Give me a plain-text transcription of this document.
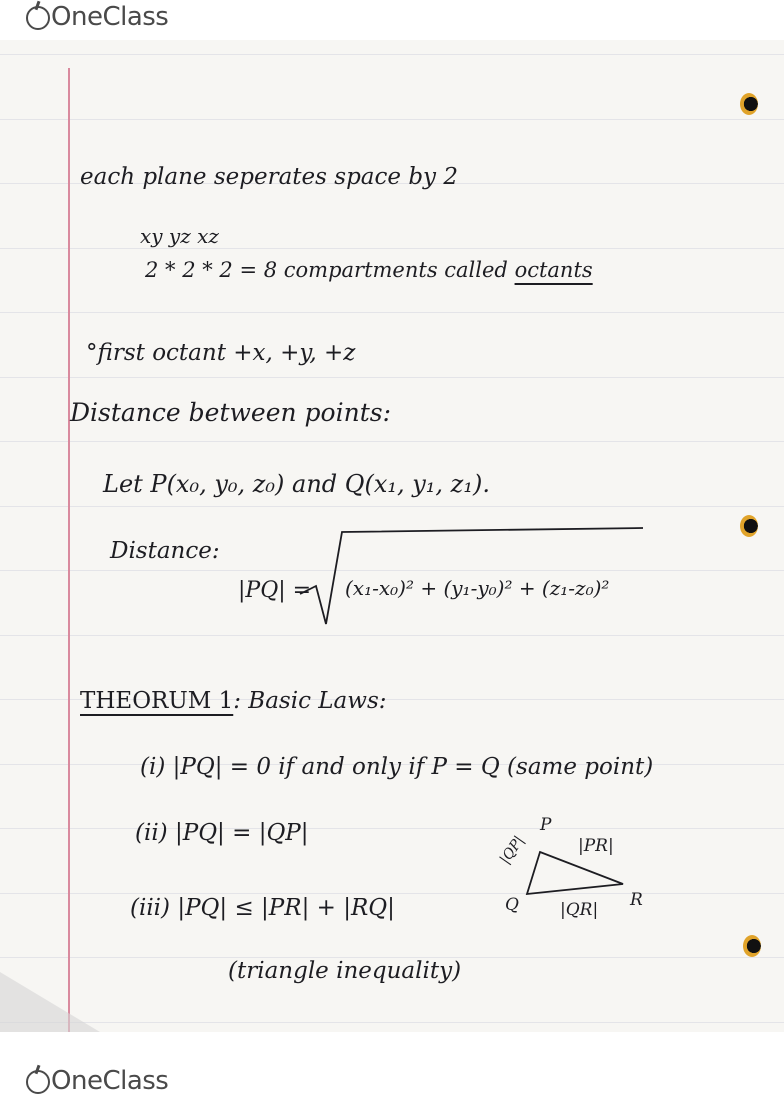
OneClass
each plane seperates space by 2
xy yz xz
2 * 2 * 2 = 8 compartments called octants
°first octant +x, +y, +z
Distance between points:
Let P(x₀, y₀, z₀) and Q(x₁, y₁, z₁).
Distance:
|PQ| = (x₁-x₀)² + (y₁-y₀)² + (z₁-z₀)²
THEORUM 1: Basic Laws:
(i) |PQ| = 0 if and only if P = Q (same point)
(ii) |PQ| = |QP|
(iii) |PQ| ≤ |PR| + |RQ|
(triangle inequality)
P
Q	R
|PR|
|QP|
|QR|
OneClass
